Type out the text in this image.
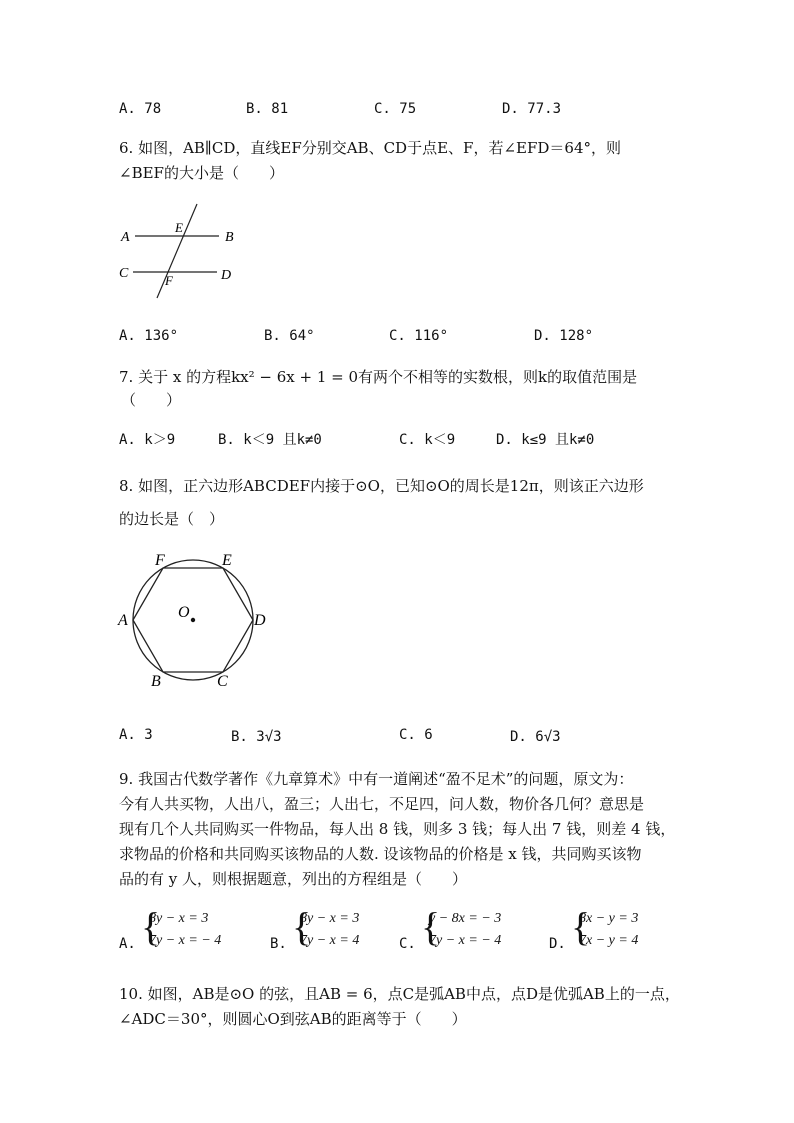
A. 78	B. 81	C. 75	D. 77.3
6. 如图，AB∥CD，直线EF分别交AB、CD于点E、F，若∠EFD＝64°，则
∠BEF的大小是（　　）
A	B
C	D
E
F
A. 136°	B. 64°	C. 116°	D. 128°
7. 关于 x 的方程kx² − 6x + 1 = 0有两个不相等的实数根，则k的取值范围是
（　　）
A. k＞9	B. k＜9 且k≠0	C. k＜9	D. k≤9 且k≠0
8. 如图，正六边形ABCDEF内接于⊙O，已知⊙O的周长是12π，则该正六边形
的边长是（　）
O
A
B	C
D
E
F
A. 3	B. 3√3	C. 6	D. 6√3
9. 我国古代数学著作《九章算术》中有一道阐述“盈不足术”的问题，原文为：
今有人共买物，人出八，盈三；人出七，不足四，问人数，物价各几何？意思是
现有几个人共同购买一件物品，每人出 8 钱，则多 3 钱；每人出 7 钱，则差 4 钱，
求物品的价格和共同购买该物品的人数. 设该物品的价格是 x 钱，共同购买该物
品的有 y 人，则根据题意，列出的方程组是（　　）
A. {
8y − x = 3
7y − x = − 4	B. {
8y − x = 3
7y − x = 4	C. {
y − 8x = − 3
7y − x = − 4	D. {
8x − y = 3
7x − y = 4
10. 如图，AB是⊙O 的弦，且AB = 6，点C是弧AB中点，点D是优弧AB上的一点，
∠ADC＝30°，则圆心O到弦AB的距离等于（　　）
